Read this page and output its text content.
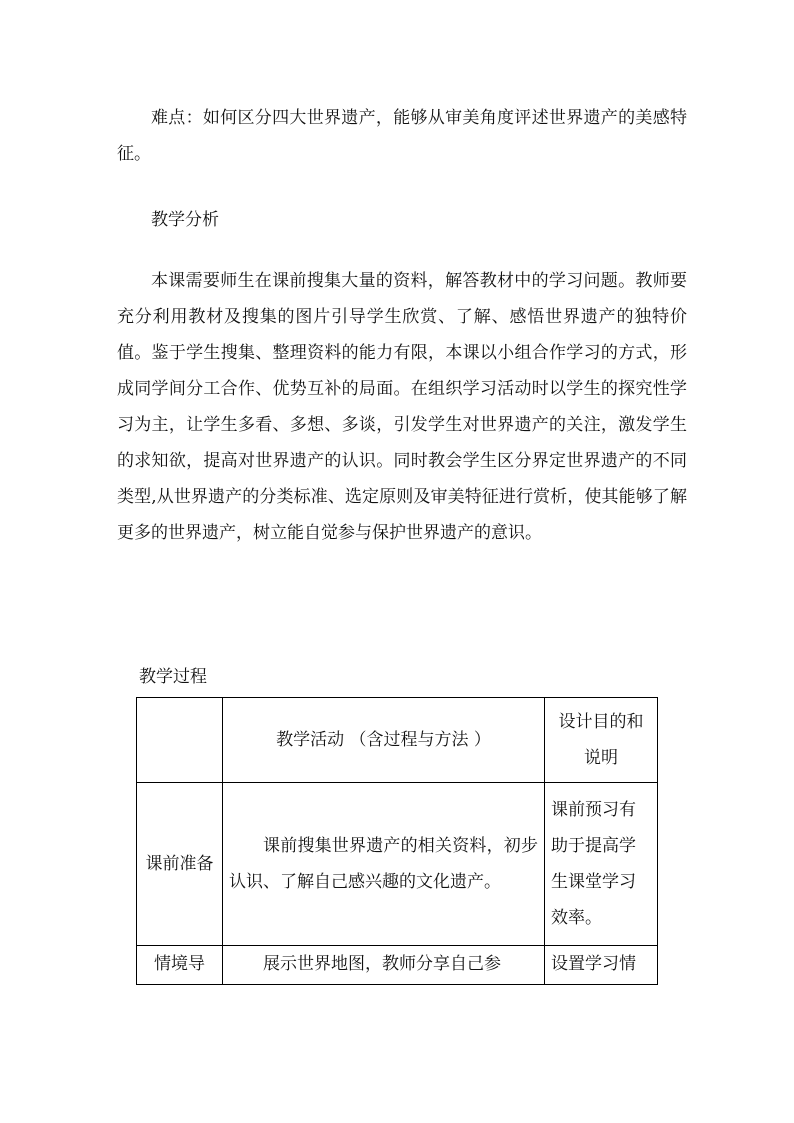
难点：如何区分四大世界遗产，能够从审美角度评述世界遗产的美感特征。

教学分析

本课需要师生在课前搜集大量的资料，解答教材中的学习问题。教师要充分利用教材及搜集的图片引导学生欣赏、了解、感悟世界遗产的独特价值。鉴于学生搜集、整理资料的能力有限，本课以小组合作学习的方式，形成同学间分工合作、优势互补的局面。在组织学习活动时以学生的探究性学习为主，让学生多看、多想、多谈，引发学生对世界遗产的关注，激发学生的求知欲，提高对世界遗产的认识。同时教会学生区分界定世界遗产的不同类型,从世界遗产的分类标准、选定原则及审美特征进行赏析，使其能够了解更多的世界遗产，树立能自觉参与保护世界遗产的意识。

教学过程

	教学活动 （含过程与方法 ）	设计目的和说明
课前准备	课前搜集世界遗产的相关资料，初步认识、了解自己感兴趣的文化遗产。	课前预习有助于提高学生课堂学习效率。
情境导	展示世界地图，教师分享自己参	设置学习情
